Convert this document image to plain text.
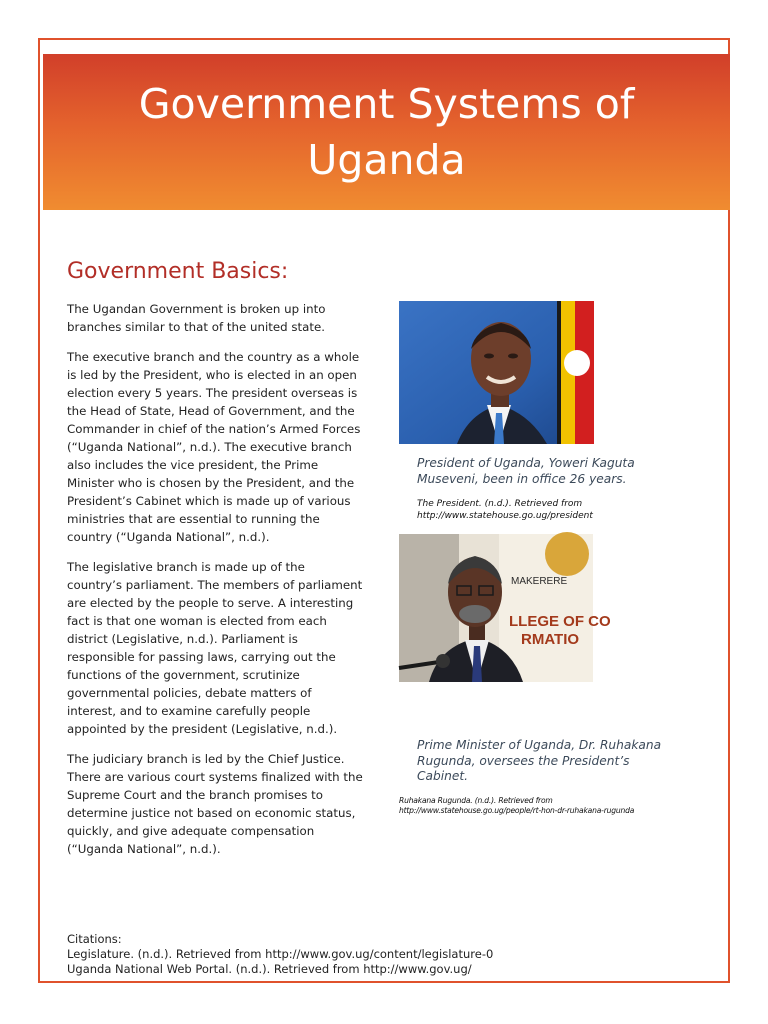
Government Systems of Uganda
Government Basics:

The Ugandan Government is broken up into branches similar to that of the united state.

The executive branch and the country as a whole is led by the President, who is elected in an open election every 5 years. The president overseas is the Head of State, Head of Government, and the Commander in chief of the nation’s Armed Forces (“Uganda National”, n.d.). The executive branch also includes the vice president, the Prime Minister who is chosen by the President, and the President’s Cabinet which is made up of various ministries that are essential to running the country (“Uganda National”, n.d.).

The legislative branch is made up of the country’s parliament. The members of parliament are elected by the people to serve. A interesting fact is that one woman is elected from each district (Legislative, n.d.). Parliament is responsible for passing laws, carrying out the functions of the government, scrutinize governmental policies, debate matters of interest, and to examine carefully people appointed by the president (Legislative, n.d.).

The judiciary branch is led by the Chief Justice. There are various court systems finalized with the Supreme Court and the branch promises to determine justice not based on economic status, quickly, and give adequate compensation (“Uganda National”, n.d.).

President of Uganda, Yoweri Kaguta Museveni, been in office 26 years.
The President. (n.d.). Retrieved from
http://www.statehouse.go.ug/president
MAKERERE
LLEGE OF CO
RMATIO
Prime Minister of Uganda, Dr. Ruhakana Rugunda, oversees the President’s Cabinet.
Ruhakana Rugunda. (n.d.). Retrieved from
http://www.statehouse.go.ug/people/rt-hon-dr-ruhakana-rugunda
Citations:
Legislature. (n.d.). Retrieved from http://www.gov.ug/content/legislature-0
Uganda National Web Portal. (n.d.). Retrieved from http://www.gov.ug/
